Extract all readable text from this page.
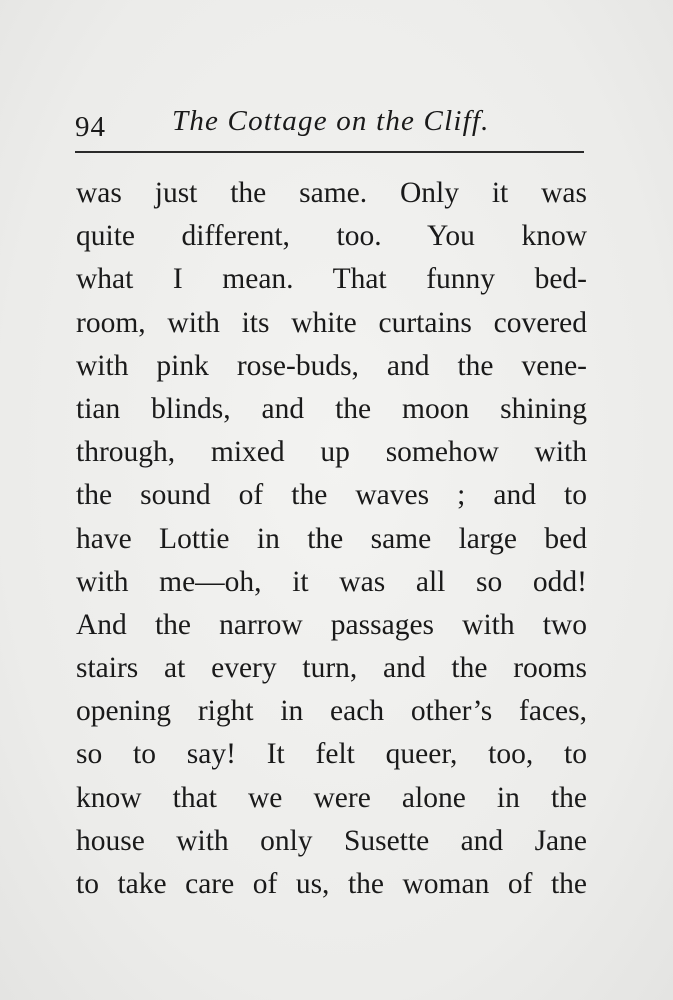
94 The Cottage on the Cliff.
was just the same. Only it was
quite different, too. You know
what I mean. That funny bed-
room, with its white curtains covered
with pink rose-buds, and the vene-
tian blinds, and the moon shining
through, mixed up somehow with
the sound of the waves ; and to
have Lottie in the same large bed
with me—oh, it was all so odd!
And the narrow passages with two
stairs at every turn, and the rooms
opening right in each other’s faces,
so to say! It felt queer, too, to
know that we were alone in the
house with only Susette and Jane
to take care of us, the woman of the
